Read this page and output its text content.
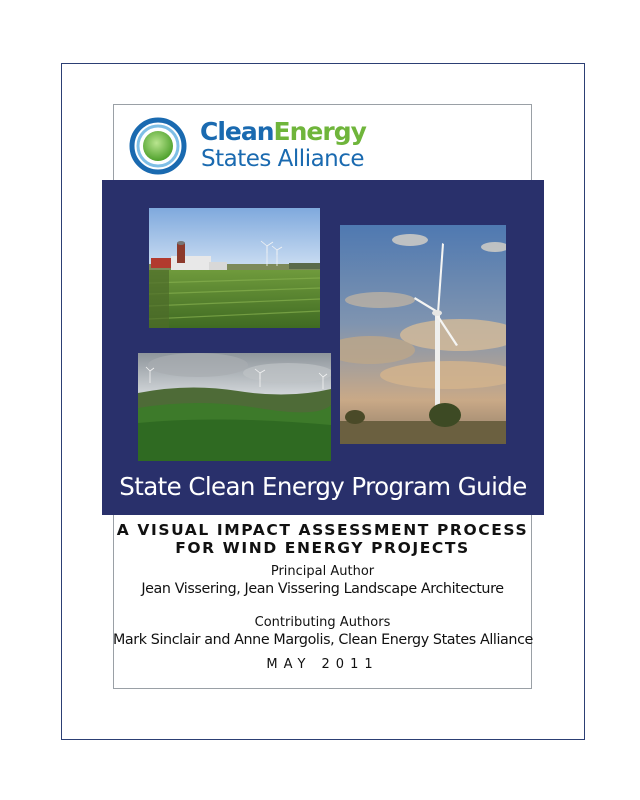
CleanEnergy
States Alliance
State Clean Energy Program Guide
A VISUAL IMPACT ASSESSMENT PROCESS
FOR WIND ENERGY PROJECTS
Principal Author
Jean Vissering, Jean Vissering Landscape Architecture
Contributing Authors
Mark Sinclair and Anne Margolis, Clean Energy States Alliance
MAY 2011
